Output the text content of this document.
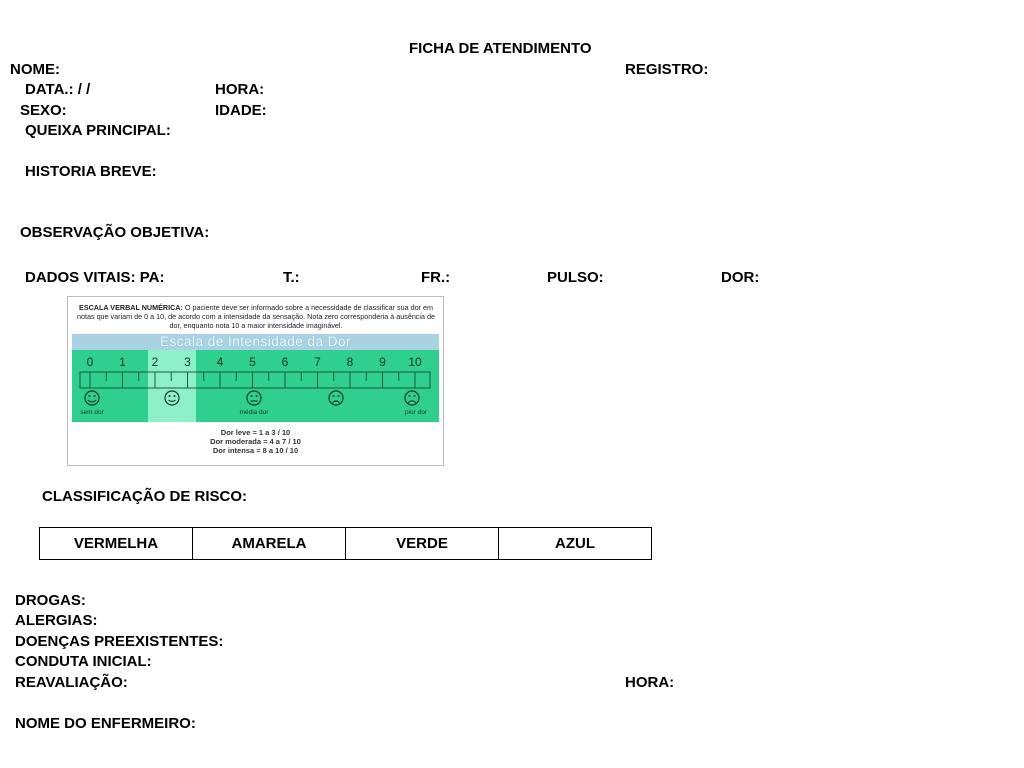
FICHA DE ATENDIMENTO
NOME:	REGISTRO:
DATA.: / /	HORA:
SEXO:	IDADE:
QUEIXA PRINCIPAL:
HISTORIA BREVE:
OBSERVAÇÃO OBJETIVA:
DADOS VITAIS: PA:	T.:	FR.:	PULSO:	DOR:
ESCALA VERBAL NUMÉRICA: O paciente deve ser informado sobre a necessidade de classificar sua dor em notas que variam de 0 a 10, de acordo com a intensidade da sensação. Nota zero corresponderia à ausência de dor, enquanto nota 10 a maior intensidade imaginável.
Escala de Intensidade da Dor
0 1 2 3 4 5 6 7 8 9 10
sem dor	média dor	pior dor
Dor leve = 1 a 3 / 10
Dor moderada = 4 a 7 / 10
Dor intensa = 8 a 10 / 10
CLASSIFICAÇÃO DE RISCO:
VERMELHA	AMARELA	VERDE	AZUL
DROGAS:
ALERGIAS:
DOENÇAS PREEXISTENTES:
CONDUTA INICIAL:
REAVALIAÇÃO:	HORA:
NOME DO ENFERMEIRO:
